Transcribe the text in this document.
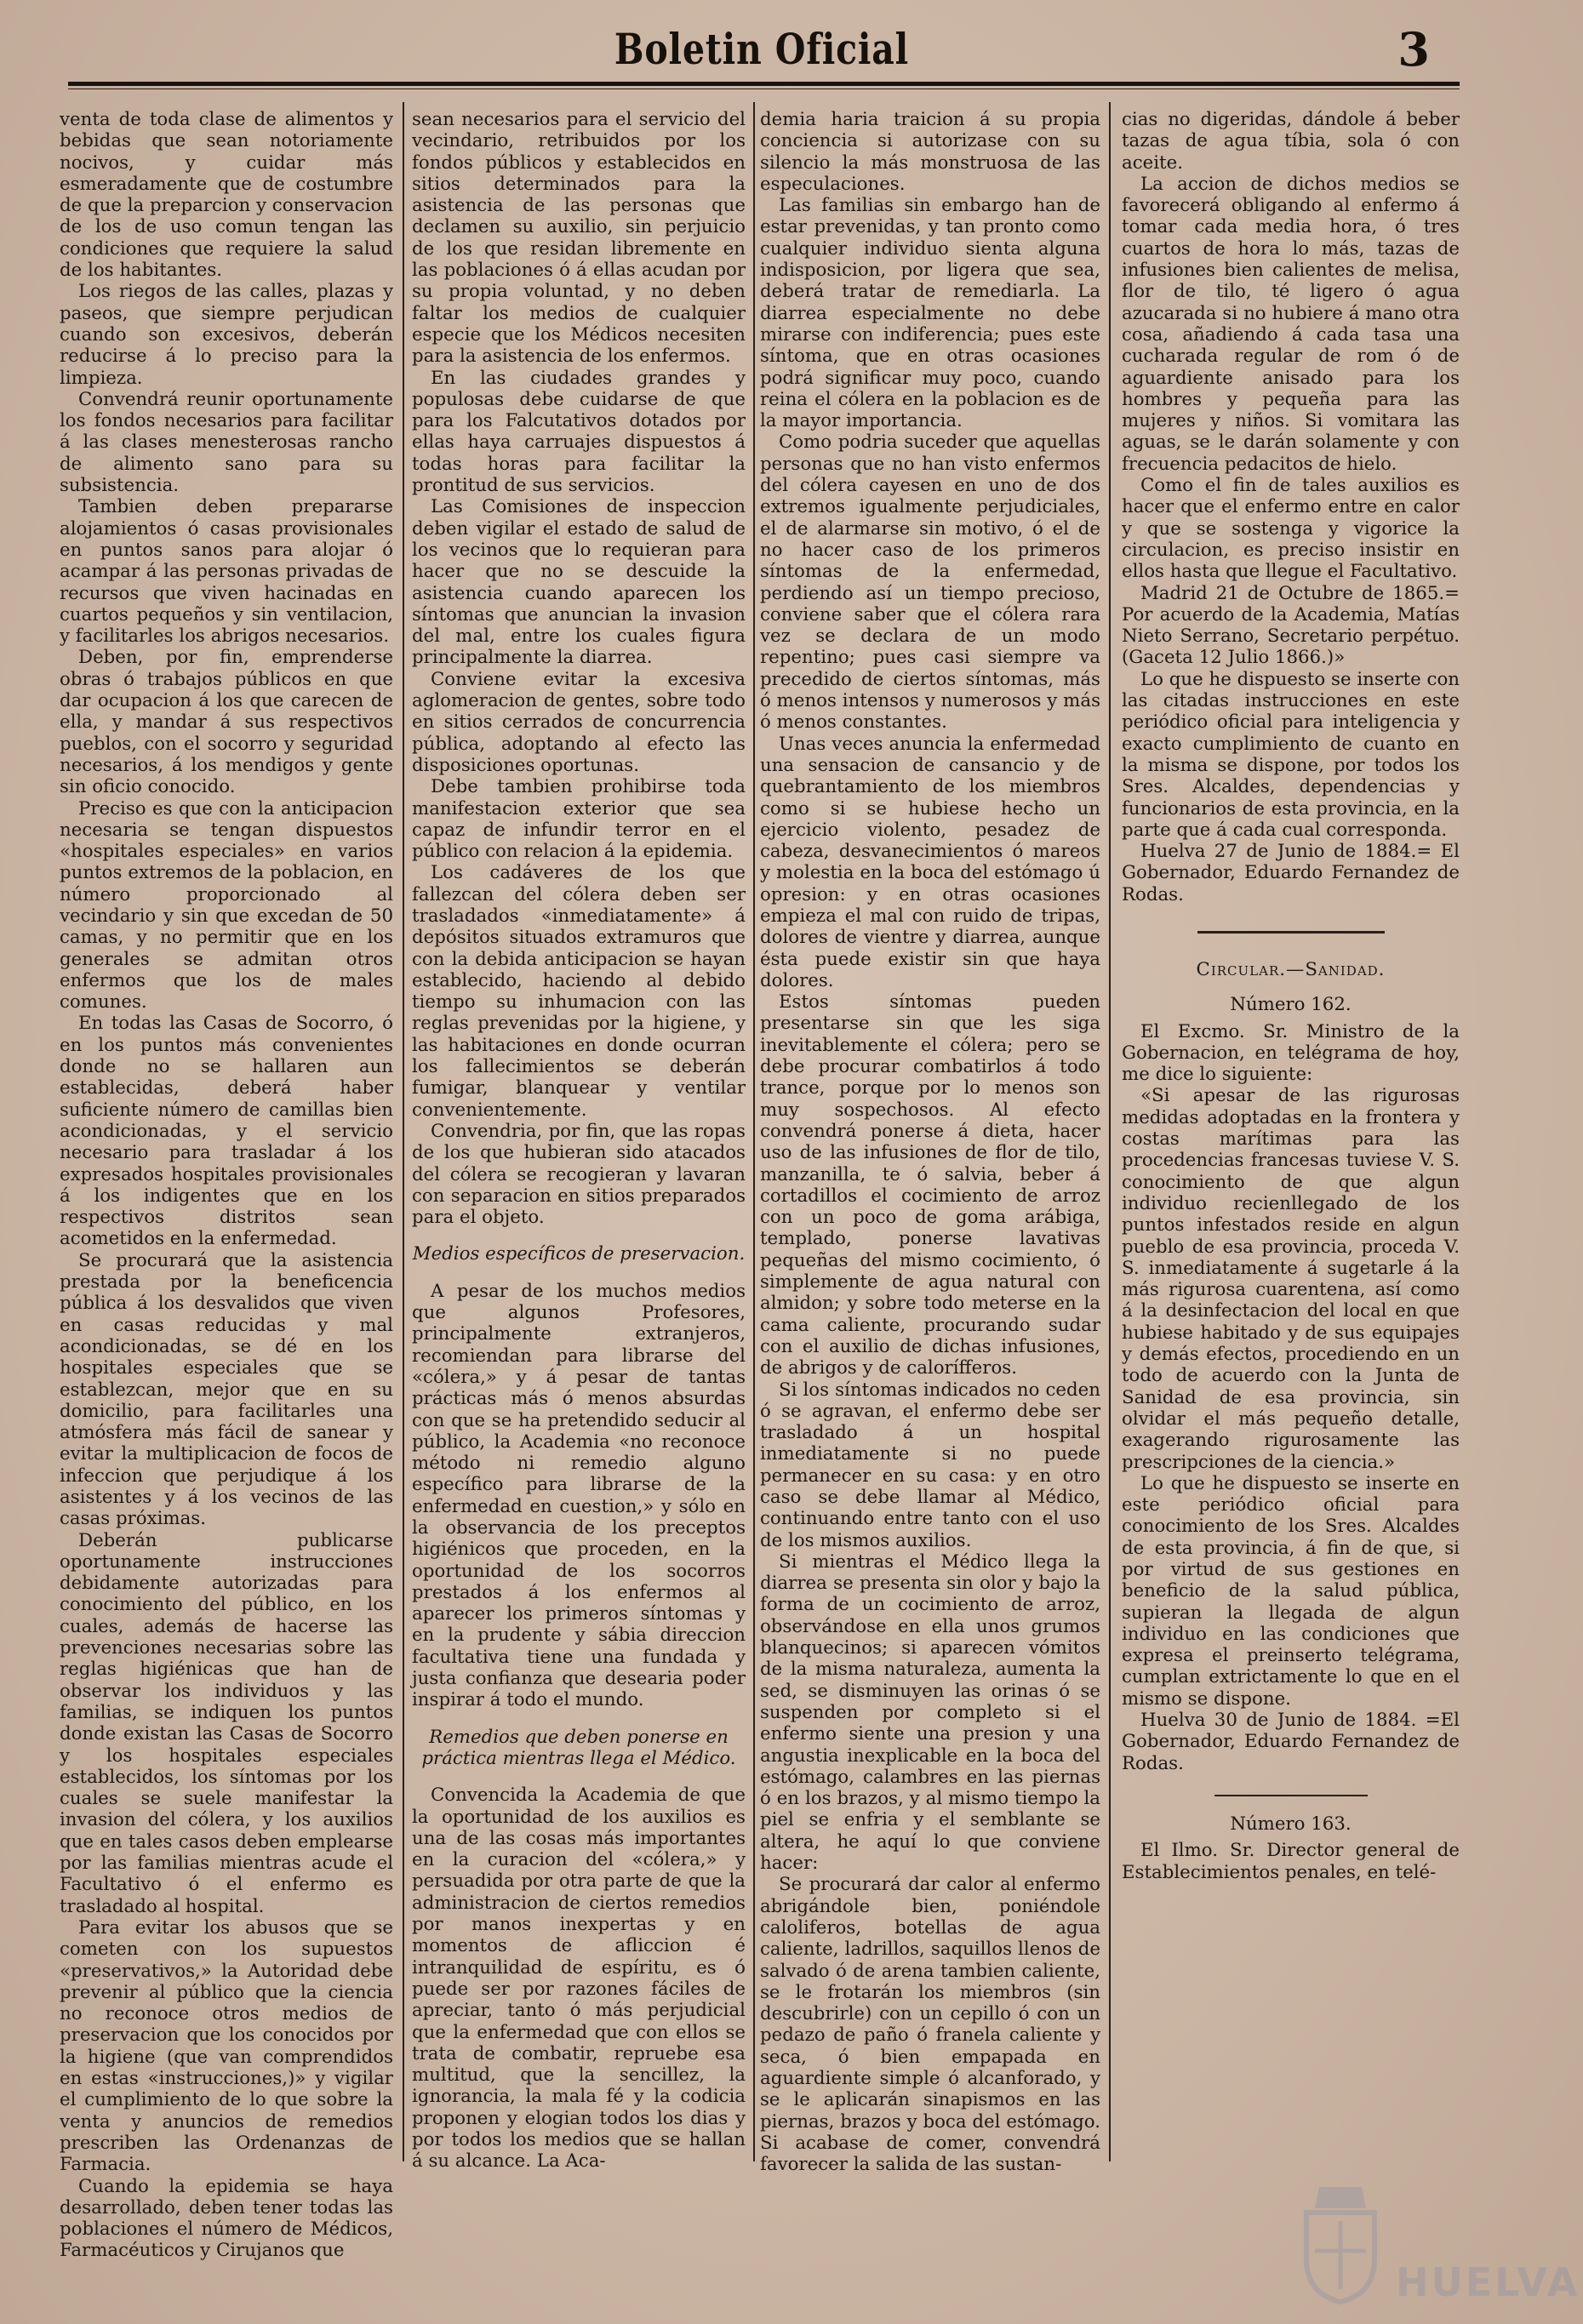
Boletin Oficial	3

venta de toda clase de alimentos y bebidas que sean notoriamente nocivos, y cuidar más esmeradamente que de costumbre de que la preparcion y conservacion de los de uso comun tengan las condiciones que requiere la salud de los habitantes.

Los riegos de las calles, plazas y paseos, que siempre perjudican cuando son excesivos, deberán reducirse á lo preciso para la limpieza.

Convendrá reunir oportunamente los fondos necesarios para facilitar á las clases menesterosas rancho de alimento sano para su subsistencia.

Tambien deben prepararse alojamientos ó casas provisionales en puntos sanos para alojar ó acampar á las personas privadas de recursos que viven hacinadas en cuartos pequeños y sin ventilacion, y facilitarles los abrigos necesarios.

Deben, por fin, emprenderse obras ó trabajos públicos en que dar ocupacion á los que carecen de ella, y mandar á sus respectivos pueblos, con el socorro y seguridad necesarios, á los mendigos y gente sin oficio conocido.

Preciso es que con la anticipacion necesaria se tengan dispuestos «hospitales especiales» en varios puntos extremos de la poblacion, en número proporcionado al vecindario y sin que excedan de 50 camas, y no permitir que en los generales se admitan otros enfermos que los de males comunes.

En todas las Casas de Socorro, ó en los puntos más convenientes donde no se hallaren aun establecidas, deberá haber suficiente número de camillas bien acondicionadas, y el servicio necesario para trasladar á los expresados hospitales provisionales á los indigentes que en los respectivos distritos sean acometidos en la enfermedad.

Se procurará que la asistencia prestada por la beneficencia pública á los desvalidos que viven en casas reducidas y mal acondicionadas, se dé en los hospitales especiales que se establezcan, mejor que en su domicilio, para facilitarles una atmósfera más fácil de sanear y evitar la multiplicacion de focos de infeccion que perjudique á los asistentes y á los vecinos de las casas próximas.

Deberán publicarse oportunamente instrucciones debidamente autorizadas para conocimiento del público, en los cuales, además de hacerse las prevenciones necesarias sobre las reglas higiénicas que han de observar los individuos y las familias, se indiquen los puntos donde existan las Casas de Socorro y los hospitales especiales establecidos, los síntomas por los cuales se suele manifestar la invasion del cólera, y los auxilios que en tales casos deben emplearse por las familias mientras acude el Facultativo ó el enfermo es trasladado al hospital.

Para evitar los abusos que se cometen con los supuestos «preservativos,» la Autoridad debe prevenir al público que la ciencia no reconoce otros medios de preservacion que los conocidos por la higiene (que van comprendidos en estas «instrucciones,)» y vigilar el cumplimiento de lo que sobre la venta y anuncios de remedios prescriben las Ordenanzas de Farmacia.

Cuando la epidemia se haya desarrollado, deben tener todas las poblaciones el número de Médicos, Farmacéuticos y Cirujanos que

sean necesarios para el servicio del vecindario, retribuidos por los fondos públicos y establecidos en sitios determinados para la asistencia de las personas que declamen su auxilio, sin perjuicio de los que residan libremente en las poblaciones ó á ellas acudan por su propia voluntad, y no deben faltar los medios de cualquier especie que los Médicos necesiten para la asistencia de los enfermos.

En las ciudades grandes y populosas debe cuidarse de que para los Falcutativos dotados por ellas haya carruajes dispuestos á todas horas para facilitar la prontitud de sus servicios.

Las Comisiones de inspeccion deben vigilar el estado de salud de los vecinos que lo requieran para hacer que no se descuide la asistencia cuando aparecen los síntomas que anuncian la invasion del mal, entre los cuales figura principalmente la diarrea.

Conviene evitar la excesiva aglomeracion de gentes, sobre todo en sitios cerrados de concurrencia pública, adoptando al efecto las disposiciones oportunas.

Debe tambien prohibirse toda manifestacion exterior que sea capaz de infundir terror en el público con relacion á la epidemia.

Los cadáveres de los que fallezcan del cólera deben ser trasladados «inmediatamente» á depósitos situados extramuros que con la debida anticipacion se hayan establecido, haciendo al debido tiempo su inhumacion con las reglas prevenidas por la higiene, y las habitaciones en donde ocurran los fallecimientos se deberán fumigar, blanquear y ventilar convenientemente.

Convendria, por fin, que las ropas de los que hubieran sido atacados del cólera se recogieran y lavaran con separacion en sitios preparados para el objeto.

Medios específicos de preservacion.

A pesar de los muchos medios que algunos Profesores, principalmente extranjeros, recomiendan para librarse del «cólera,» y á pesar de tantas prácticas más ó menos absurdas con que se ha pretendido seducir al público, la Academia «no reconoce método ni remedio alguno específico para librarse de la enfermedad en cuestion,» y sólo en la observancia de los preceptos higiénicos que proceden, en la oportunidad de los socorros prestados á los enfermos al aparecer los primeros síntomas y en la prudente y sábia direccion facultativa tiene una fundada y justa confianza que desearia poder inspirar á todo el mundo.

Remedios que deben ponerse en práctica mientras llega el Médico.

Convencida la Academia de que la oportunidad de los auxilios es una de las cosas más importantes en la curacion del «cólera,» y persuadida por otra parte de que la administracion de ciertos remedios por manos inexpertas y en momentos de afliccion é intranquilidad de espíritu, es ó puede ser por razones fáciles de apreciar, tanto ó más perjudicial que la enfermedad que con ellos se trata de combatir, repruebe esa multitud, que la sencillez, la ignorancia, la mala fé y la codicia proponen y elogian todos los dias y por todos los medios que se hallan á su alcance. La Aca-

demia haria traicion á su propia conciencia si autorizase con su silencio la más monstruosa de las especulaciones.

Las familias sin embargo han de estar prevenidas, y tan pronto como cualquier individuo sienta alguna indisposicion, por ligera que sea, deberá tratar de remediarla. La diarrea especialmente no debe mirarse con indiferencia; pues este síntoma, que en otras ocasiones podrá significar muy poco, cuando reina el cólera en la poblacion es de la mayor importancia.

Como podria suceder que aquellas personas que no han visto enfermos del cólera cayesen en uno de dos extremos igualmente perjudiciales, el de alarmarse sin motivo, ó el de no hacer caso de los primeros síntomas de la enfermedad, perdiendo así un tiempo precioso, conviene saber que el cólera rara vez se declara de un modo repentino; pues casi siempre va precedido de ciertos síntomas, más ó menos intensos y numerosos y más ó menos constantes.

Unas veces anuncia la enfermedad una sensacion de cansancio y de quebrantamiento de los miembros como si se hubiese hecho un ejercicio violento, pesadez de cabeza, desvanecimientos ó mareos y molestia en la boca del estómago ú opresion: y en otras ocasiones empieza el mal con ruido de tripas, dolores de vientre y diarrea, aunque ésta puede existir sin que haya dolores.

Estos síntomas pueden presentarse sin que les siga inevitablemente el cólera; pero se debe procurar combatirlos á todo trance, porque por lo menos son muy sospechosos. Al efecto convendrá ponerse á dieta, hacer uso de las infusiones de flor de tilo, manzanilla, te ó salvia, beber á cortadillos el cocimiento de arroz con un poco de goma arábiga, templado, ponerse lavativas pequeñas del mismo cocimiento, ó simplemente de agua natural con almidon; y sobre todo meterse en la cama caliente, procurando sudar con el auxilio de dichas infusiones, de abrigos y de calorífferos.

Si los síntomas indicados no ceden ó se agravan, el enfermo debe ser trasladado á un hospital inmediatamente si no puede permanecer en su casa: y en otro caso se debe llamar al Médico, continuando entre tanto con el uso de los mismos auxilios.

Si mientras el Médico llega la diarrea se presenta sin olor y bajo la forma de un cocimiento de arroz, observándose en ella unos grumos blanquecinos; si aparecen vómitos de la misma naturaleza, aumenta la sed, se disminuyen las orinas ó se suspenden por completo si el enfermo siente una presion y una angustia inexplicable en la boca del estómago, calambres en las piernas ó en los brazos, y al mismo tiempo la piel se enfria y el semblante se altera, he aquí lo que conviene hacer:

Se procurará dar calor al enfermo abrigándole bien, poniéndole caloliferos, botellas de agua caliente, ladrillos, saquillos llenos de salvado ó de arena tambien caliente, se le frotarán los miembros (sin descubrirle) con un cepillo ó con un pedazo de paño ó franela caliente y seca, ó bien empapada en aguardiente simple ó alcanforado, y se le aplicarán sinapismos en las piernas, brazos y boca del estómago. Si acabase de comer, convendrá favorecer la salida de las sustan-

cias no digeridas, dándole á beber tazas de agua tíbia, sola ó con aceite.

La accion de dichos medios se favorecerá obligando al enfermo á tomar cada media hora, ó tres cuartos de hora lo más, tazas de infusiones bien calientes de melisa, flor de tilo, té ligero ó agua azucarada si no hubiere á mano otra cosa, añadiendo á cada tasa una cucharada regular de rom ó de aguardiente anisado para los hombres y pequeña para las mujeres y niños. Si vomitara las aguas, se le darán solamente y con frecuencia pedacitos de hielo.

Como el fin de tales auxilios es hacer que el enfermo entre en calor y que se sostenga y vigorice la circulacion, es preciso insistir en ellos hasta que llegue el Facultativo.

Madrid 21 de Octubre de 1865.= Por acuerdo de la Academia, Matías Nieto Serrano, Secretario perpétuo. (Gaceta 12 Julio 1866.)»

Lo que he dispuesto se inserte con las citadas instrucciones en este periódico oficial para inteligencia y exacto cumplimiento de cuanto en la misma se dispone, por todos los Sres. Alcaldes, dependencias y funcionarios de esta provincia, en la parte que á cada cual corresponda.

Huelva 27 de Junio de 1884.= El Gobernador, Eduardo Fernandez de Rodas.

Circular.—Sanidad.

Número 162.

El Excmo. Sr. Ministro de la Gobernacion, en telégrama de hoy, me dice lo siguiente:

«Si apesar de las rigurosas medidas adoptadas en la frontera y costas marítimas para las procedencias francesas tuviese V. S. conocimiento de que algun individuo recienllegado de los puntos infestados reside en algun pueblo de esa provincia, proceda V. S. inmediatamente á sugetarle á la más rigurosa cuarentena, así como á la desinfectacion del local en que hubiese habitado y de sus equipajes y demás efectos, procediendo en un todo de acuerdo con la Junta de Sanidad de esa provincia, sin olvidar el más pequeño detalle, exagerando rigurosamente las prescripciones de la ciencia.»

Lo que he dispuesto se inserte en este periódico oficial para conocimiento de los Sres. Alcaldes de esta provincia, á fin de que, si por virtud de sus gestiones en beneficio de la salud pública, supieran la llegada de algun individuo en las condiciones que expresa el preinserto telégrama, cumplan extrictamente lo que en el mismo se dispone.

Huelva 30 de Junio de 1884. =El Gobernador, Eduardo Fernandez de Rodas.

Número 163.

El Ilmo. Sr. Director general de Establecimientos penales, en telé-

HUELVA
